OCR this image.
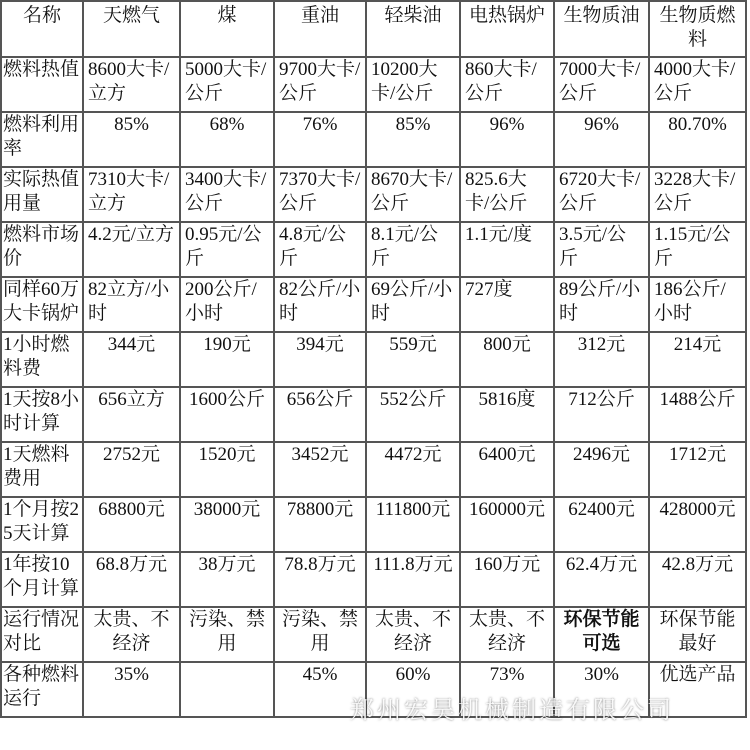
名称	天燃气	煤	重油	轻柴油	电热锅炉	生物质油	生物质燃料
燃料热值	8600大卡/立方	5000大卡/公斤	9700大卡/公斤	10200大卡/公斤	860大卡/公斤	7000大卡/公斤	4000大卡/公斤
燃料利用率	85%	68%	76%	85%	96%	96%	80.70%
实际热值用量	7310大卡/立方	3400大卡/公斤	7370大卡/公斤	8670大卡/公斤	825.6大卡/公斤	6720大卡/公斤	3228大卡/公斤
燃料市场价	4.2元/立方	0.95元/公斤	4.8元/公斤	8.1元/公斤	1.1元/度	3.5元/公斤	1.15元/公斤
同样60万大卡锅炉	82立方/小时	200公斤/小时	82公斤/小时	69公斤/小时	727度	89公斤/小时	186公斤/小时
1小时燃料费	344元	190元	394元	559元	800元	312元	214元
1天按8小时计算	656立方	1600公斤	656公斤	552公斤	5816度	712公斤	1488公斤
1天燃料费用	2752元	1520元	3452元	4472元	6400元	2496元	1712元
1个月按25天计算	68800元	38000元	78800元	111800元	160000元	62400元	428000元
1年按10个月计算	68.8万元	38万元	78.8万元	111.8万元	160万元	62.4万元	42.8万元
运行情况对比	太贵、不经济	污染、禁用	污染、禁用	太贵、不经济	太贵、不经济	环保节能可选	环保节能最好
各种燃料运行	35%		45%	60%	73%	30%	优选产品
郑州宏昊机械制造有限公司
